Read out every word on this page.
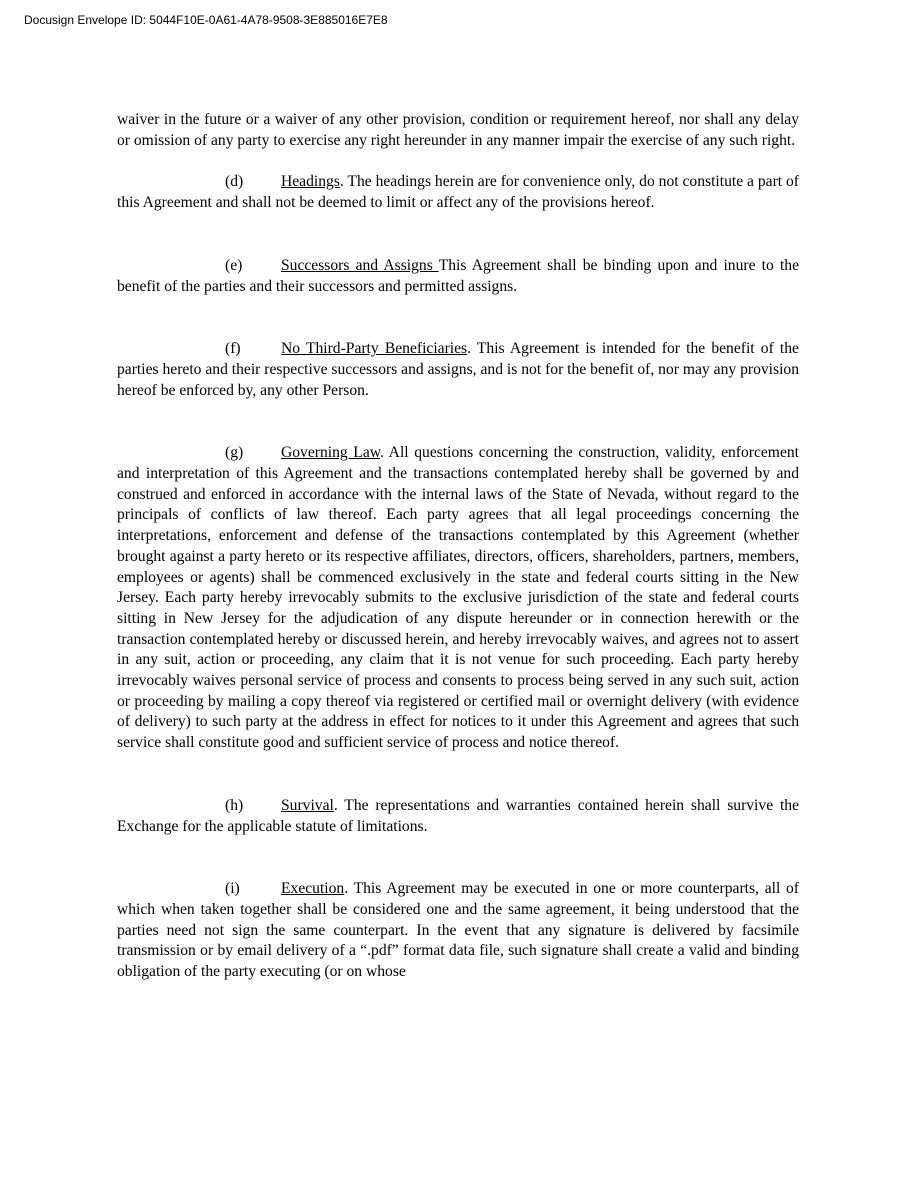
Docusign Envelope ID: 5044F10E-0A61-4A78-9508-3E885016E7E8

waiver in the future or a waiver of any other provision, condition or requirement hereof, nor shall any delay or omission of any party to exercise any right hereunder in any manner impair the exercise of any such right.

(d) Headings. The headings herein are for convenience only, do not constitute a part of this Agreement and shall not be deemed to limit or affect any of the provisions hereof.

(e) Successors and Assigns This Agreement shall be binding upon and inure to the benefit of the parties and their successors and permitted assigns.

(f)	No Third-Party Beneficiaries. This Agreement is intended for the benefit of the parties hereto and their respective successors and assigns, and is not for the benefit of, nor may any provision hereof be enforced by, any other Person.

(g) Governing Law. All questions concerning the construction, validity, enforcement and interpretation of this Agreement and the transactions contemplated hereby shall be governed by and construed and enforced in accordance with the internal laws of the State of Nevada, without regard to the principals of conflicts of law thereof. Each party agrees that all legal proceedings concerning the interpretations, enforcement and defense of the transactions contemplated by this Agreement (whether brought against a party hereto or its respective affiliates, directors, officers, shareholders, partners, members, employees or agents) shall be commenced exclusively in the state and federal courts sitting in the New Jersey. Each party hereby irrevocably submits to the exclusive jurisdiction of the state and federal courts sitting in New Jersey for the adjudication of any dispute hereunder or in connection herewith or the transaction contemplated hereby or discussed herein, and hereby irrevocably waives, and agrees not to assert in any suit, action or proceeding, any claim that it is not venue for such proceeding. Each party hereby irrevocably waives personal service of process and consents to process being served in any such suit, action or proceeding by mailing a copy thereof via registered or certified mail or overnight delivery (with evidence of delivery) to such party at the address in effect for notices to it under this Agreement and agrees that such service shall constitute good and sufficient service of process and notice thereof.

(h) Survival. The representations and warranties contained herein shall survive the Exchange for the applicable statute of limitations.

(i)	Execution. This Agreement may be executed in one or more counterparts, all of which when taken together shall be considered one and the same agreement, it being understood that the parties need not sign the same counterpart. In the event that any signature is delivered by facsimile transmission or by email delivery of a “.pdf” format data file, such signature shall create a valid and binding obligation of the party executing (or on whose
